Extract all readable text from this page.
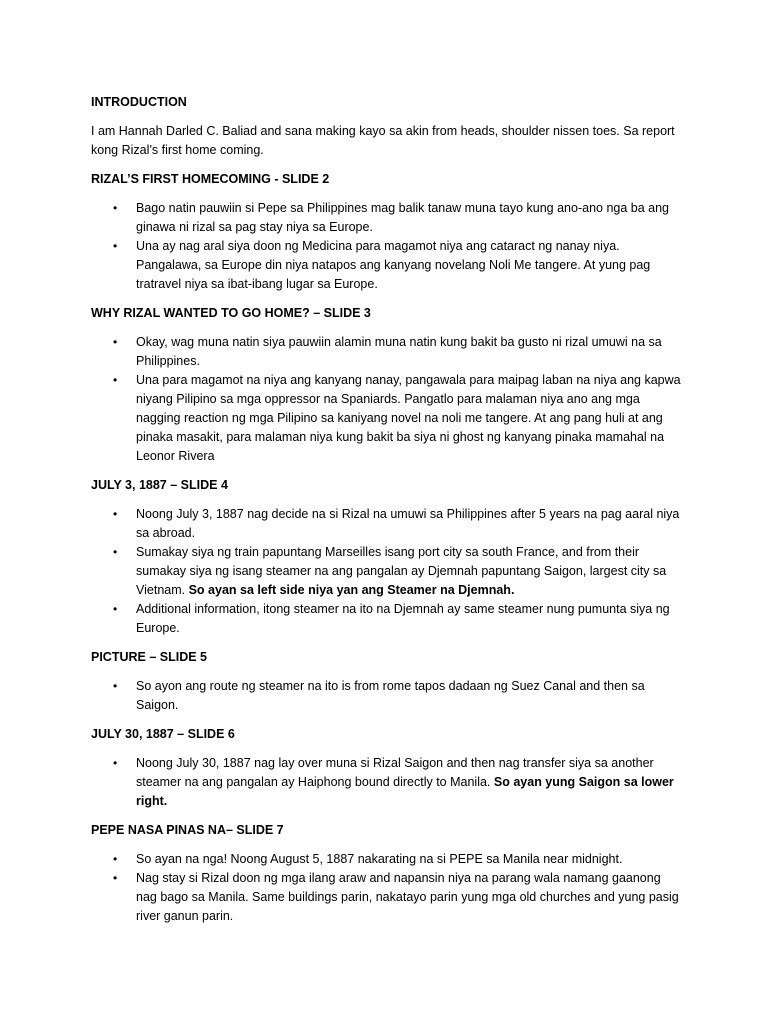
INTRODUCTION

I am Hannah Darled C. Baliad and sana making kayo sa akin from heads, shoulder nissen toes. Sa report kong Rizal’s first home coming.

RIZAL’S FIRST HOMECOMING - SLIDE 2
• Bago natin pauwiin si Pepe sa Philippines mag balik tanaw muna tayo kung ano-ano nga ba ang ginawa ni rizal sa pag stay niya sa Europe.
• Una ay nag aral siya doon ng Medicina para magamot niya ang cataract ng nanay niya. Pangalawa, sa Europe din niya natapos ang kanyang novelang Noli Me tangere. At yung pag tratravel niya sa ibat-ibang lugar sa Europe.
WHY RIZAL WANTED TO GO HOME? – SLIDE 3
• Okay, wag muna natin siya pauwiin alamin muna natin kung bakit ba gusto ni rizal umuwi na sa Philippines.
• Una para magamot na niya ang kanyang nanay, pangawala para maipag laban na niya ang kapwa niyang Pilipino sa mga oppressor na Spaniards. Pangatlo para malaman niya ano ang mga nagging reaction ng mga Pilipino sa kaniyang novel na noli me tangere. At ang pang huli at ang pinaka masakit, para malaman niya kung bakit ba siya ni ghost ng kanyang pinaka mamahal na Leonor Rivera
JULY 3, 1887 – SLIDE 4
• Noong July 3, 1887 nag decide na si Rizal na umuwi sa Philippines after 5 years na pag aaral niya sa abroad.
• Sumakay siya ng train papuntang Marseilles isang port city sa south France, and from their sumakay siya ng isang steamer na ang pangalan ay Djemnah papuntang Saigon, largest city sa Vietnam. So ayan sa left side niya yan ang Steamer na Djemnah.
• Additional information, itong steamer na ito na Djemnah ay same steamer nung pumunta siya ng Europe.
PICTURE – SLIDE 5
• So ayon ang route ng steamer na ito is from rome tapos dadaan ng Suez Canal and then sa Saigon.
JULY 30, 1887 – SLIDE 6
• Noong July 30, 1887 nag lay over muna si Rizal Saigon and then nag transfer siya sa another steamer na ang pangalan ay Haiphong bound directly to Manila. So ayan yung Saigon sa lower right.
PEPE NASA PINAS NA– SLIDE 7
• So ayan na nga! Noong August 5, 1887 nakarating na si PEPE sa Manila near midnight.
• Nag stay si Rizal doon ng mga ilang araw and napansin niya na parang wala namang gaanong nag bago sa Manila. Same buildings parin, nakatayo parin yung mga old churches and yung pasig river ganun parin.
